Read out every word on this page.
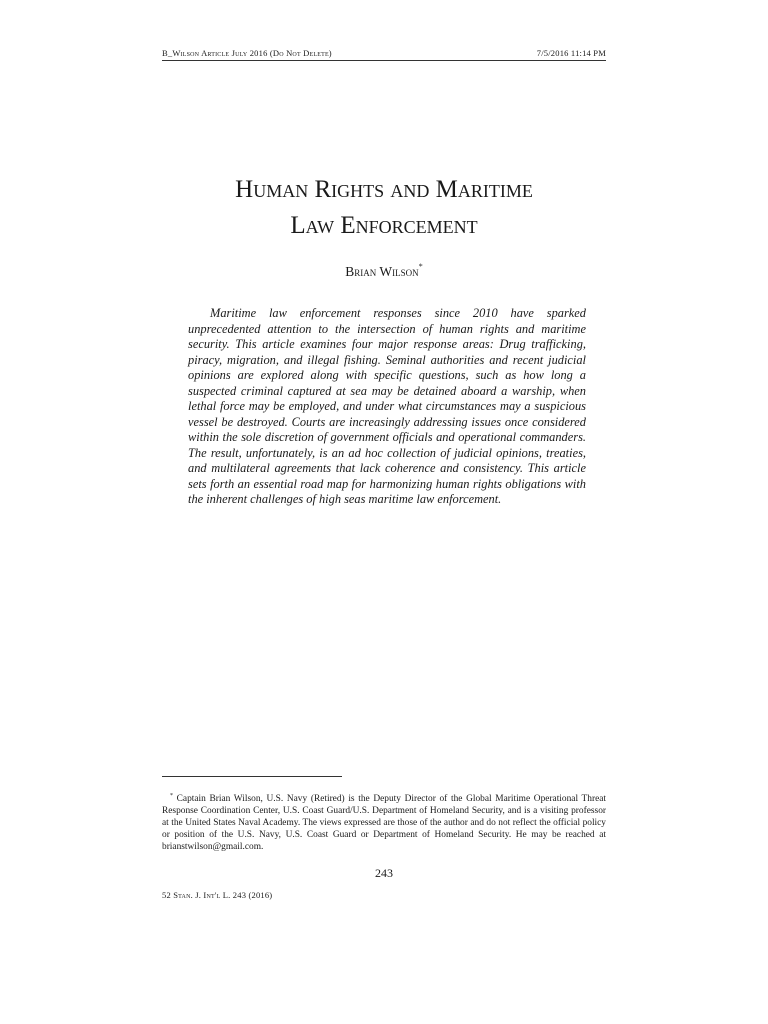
B_Wilson Article July 2016 (Do Not Delete)	7/5/2016 11:14 PM
Human Rights and Maritime
Law Enforcement
Brian Wilson*

Maritime law enforcement responses since 2010 have sparked unprecedented attention to the intersection of human rights and maritime security. This article examines four major response areas: Drug trafficking, piracy, migration, and illegal fishing. Seminal authorities and recent judicial opinions are explored along with specific questions, such as how long a suspected criminal captured at sea may be detained aboard a warship, when lethal force may be employed, and under what circumstances may a suspicious vessel be destroyed. Courts are increasingly addressing issues once considered within the sole discretion of government officials and operational commanders. The result, unfortunately, is an ad hoc collection of judicial opinions, treaties, and multilateral agreements that lack coherence and consistency. This article sets forth an essential road map for harmonizing human rights obligations with the inherent challenges of high seas maritime law enforcement.

* Captain Brian Wilson, U.S. Navy (Retired) is the Deputy Director of the Global Maritime Operational Threat Response Coordination Center, U.S. Coast Guard/U.S. Department of Homeland Security, and is a visiting professor at the United States Naval Academy. The views expressed are those of the author and do not reflect the official policy or position of the U.S. Navy, U.S. Coast Guard or Department of Homeland Security. He may be reached at brianstwilson@gmail.com.

243
52 Stan. J. Int'l L. 243 (2016)
